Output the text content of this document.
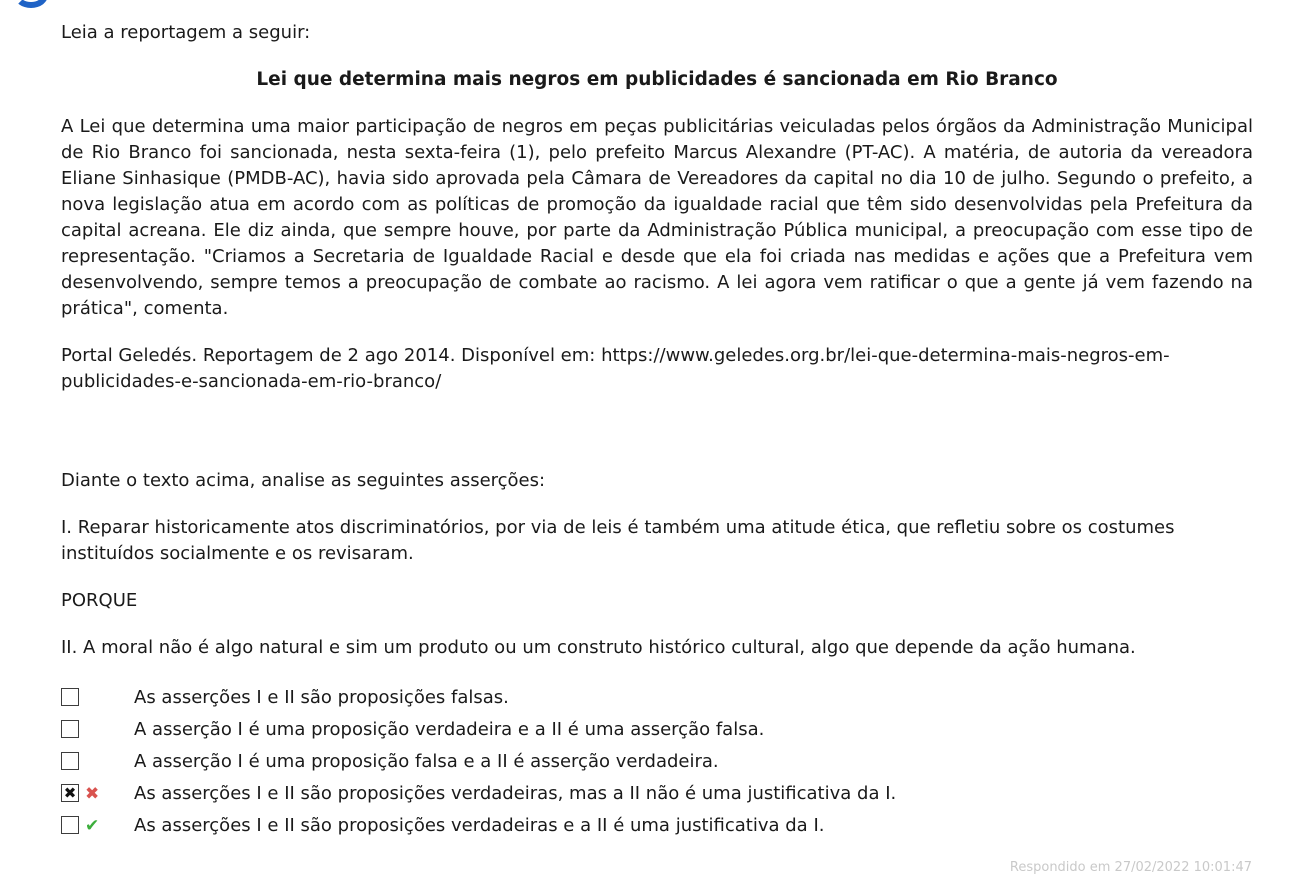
Leia a reportagem a seguir:

Lei que determina mais negros em publicidades é sancionada em Rio Branco

A Lei que determina uma maior participação de negros em peças publicitárias veiculadas pelos órgãos da Administração Municipal de Rio Branco foi sancionada, nesta sexta-feira (1), pelo prefeito Marcus Alexandre (PT-AC). A matéria, de autoria da vereadora Eliane Sinhasique (PMDB-AC), havia sido aprovada pela Câmara de Vereadores da capital no dia 10 de julho. Segundo o prefeito, a nova legislação atua em acordo com as políticas de promoção da igualdade racial que têm sido desenvolvidas pela Prefeitura da capital acreana. Ele diz ainda, que sempre houve, por parte da Administração Pública municipal, a preocupação com esse tipo de representação. "Criamos a Secretaria de Igualdade Racial e desde que ela foi criada nas medidas e ações que a Prefeitura vem desenvolvendo, sempre temos a preocupação de combate ao racismo. A lei agora vem ratificar o que a gente já vem fazendo na prática", comenta.

Portal Geledés. Reportagem de 2 ago 2014. Disponível em: https://www.geledes.org.br/lei-que-determina-mais-negros-em-publicidades-e-sancionada-em-rio-branco/

Diante o texto acima, analise as seguintes asserções:

I. Reparar historicamente atos discriminatórios, por via de leis é também uma atitude ética, que refletiu sobre os costumes instituídos socialmente e os revisaram.

PORQUE

II. A moral não é algo natural e sim um produto ou um construto histórico cultural, algo que depende da ação humana.

As asserções I e II são proposições falsas.
A asserção I é uma proposição verdadeira e a II é uma asserção falsa.
A asserção I é uma proposição falsa e a II é asserção verdadeira.
✖ ✖ As asserções I e II são proposições verdadeiras, mas a II não é uma justificativa da I.
✔ As asserções I e II são proposições verdadeiras e a II é uma justificativa da I.
Respondido em 27/02/2022 10:01:47
